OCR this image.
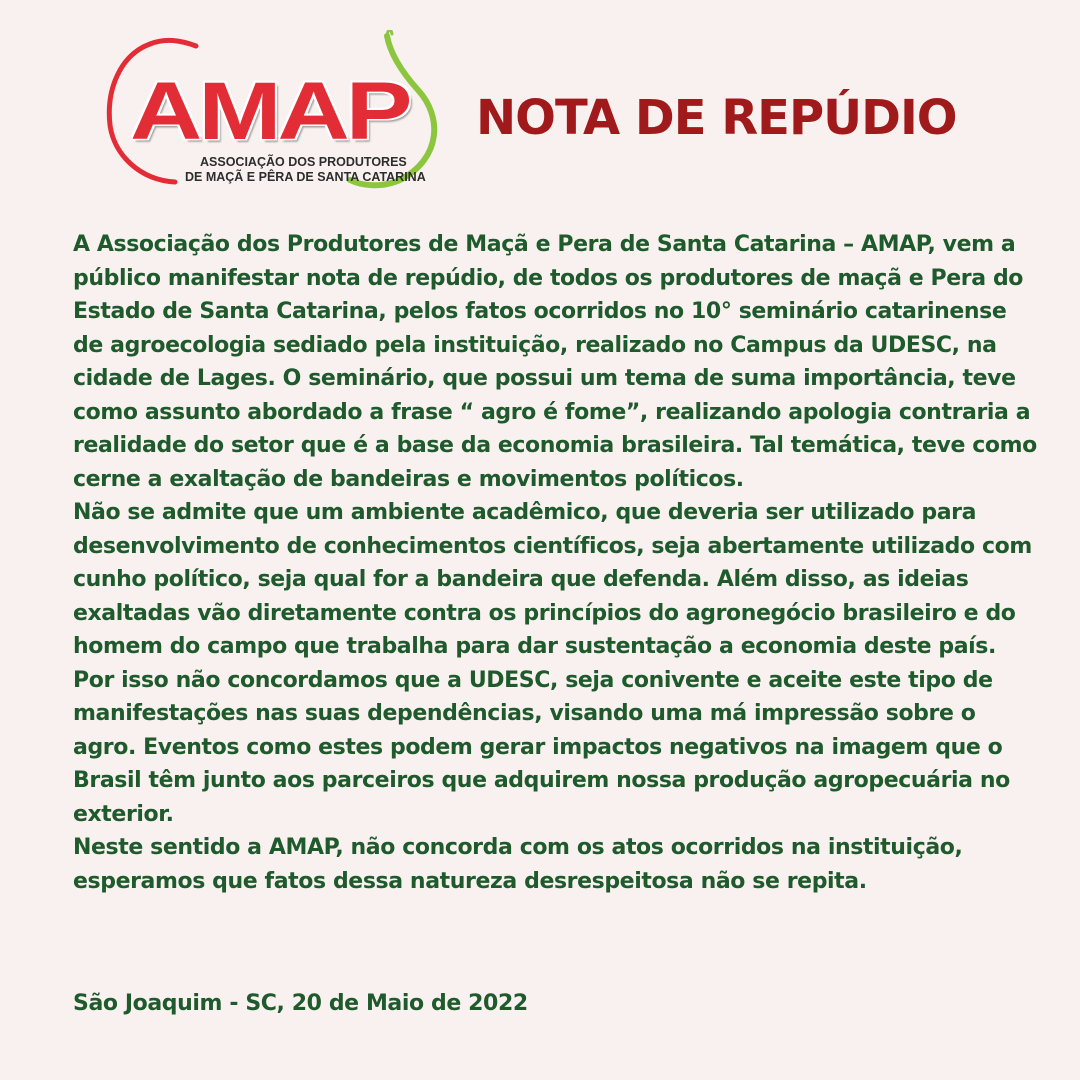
AMAP
ASSOCIAÇÃO DOS PRODUTORES
DE MAÇÃ E PÊRA DE SANTA CATARINA
NOTA DE REPÚDIO

A Associação dos Produtores de Maçã e Pera de Santa Catarina – AMAP, vem a público manifestar nota de repúdio, de todos os produtores de maçã e Pera do Estado de Santa Catarina, pelos fatos ocorridos no 10° seminário catarinense de agroecologia sediado pela instituição, realizado no Campus da UDESC, na cidade de Lages. O seminário, que possui um tema de suma importância, teve como assunto abordado a frase “ agro é fome”, realizando apologia contraria a realidade do setor que é a base da economia brasileira. Tal temática, teve como cerne a exaltação de bandeiras e movimentos políticos.

Não se admite que um ambiente acadêmico, que deveria ser utilizado para desenvolvimento de conhecimentos científicos, seja abertamente utilizado com cunho político, seja qual for a bandeira que defenda. Além disso, as ideias exaltadas vão diretamente contra os princípios do agronegócio brasileiro e do homem do campo que trabalha para dar sustentação a economia deste país.

Por isso não concordamos que a UDESC, seja conivente e aceite este tipo de manifestações nas suas dependências, visando uma má impressão sobre o agro. Eventos como estes podem gerar impactos negativos na imagem que o Brasil têm junto aos parceiros que adquirem nossa produção agropecuária no exterior.

Neste sentido a AMAP, não concorda com os atos ocorridos na instituição, esperamos que fatos dessa natureza desrespeitosa não se repita.

São Joaquim - SC, 20 de Maio de 2022
